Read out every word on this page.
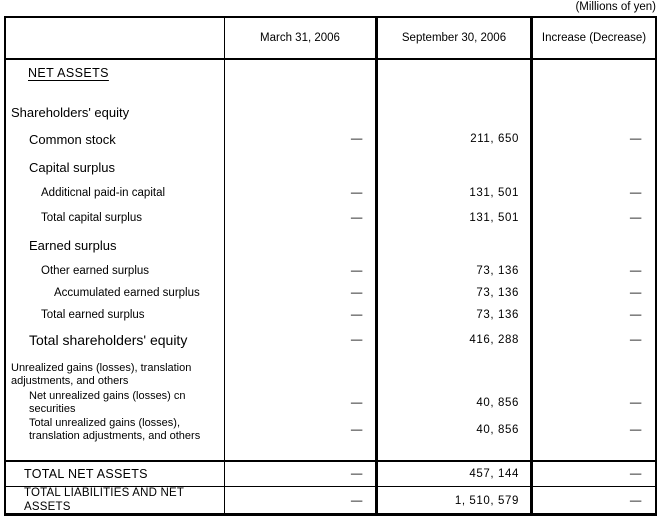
(Millions of yen)
March 31, 2006	September 30, 2006	Increase (Decrease)
NET ASSETS
Shareholders' equity
Common stock	—	211, 650	—
Capital surplus
Additicnal paid-in capital	—	131, 501	—
Total capital surplus	—	131, 501	—
Earned surplus
Other earned surplus	—	73, 136	—
Accumulated earned surplus	—	73, 136	—
Total earned surplus	—	73, 136	—
Total shareholders' equity	—	416, 288	—
Unrealized gains (losses), translation
adjustments, and others
Net unrealized gains (losses) cn
securities	—	40, 856	—
Total unrealized gains (losses),
translation adjustments, and others	—	40, 856	—
TOTAL NET ASSETS	—	457, 144	—
TOTAL LIABILITIES AND NET
ASSETS	—	1, 510, 579	—
